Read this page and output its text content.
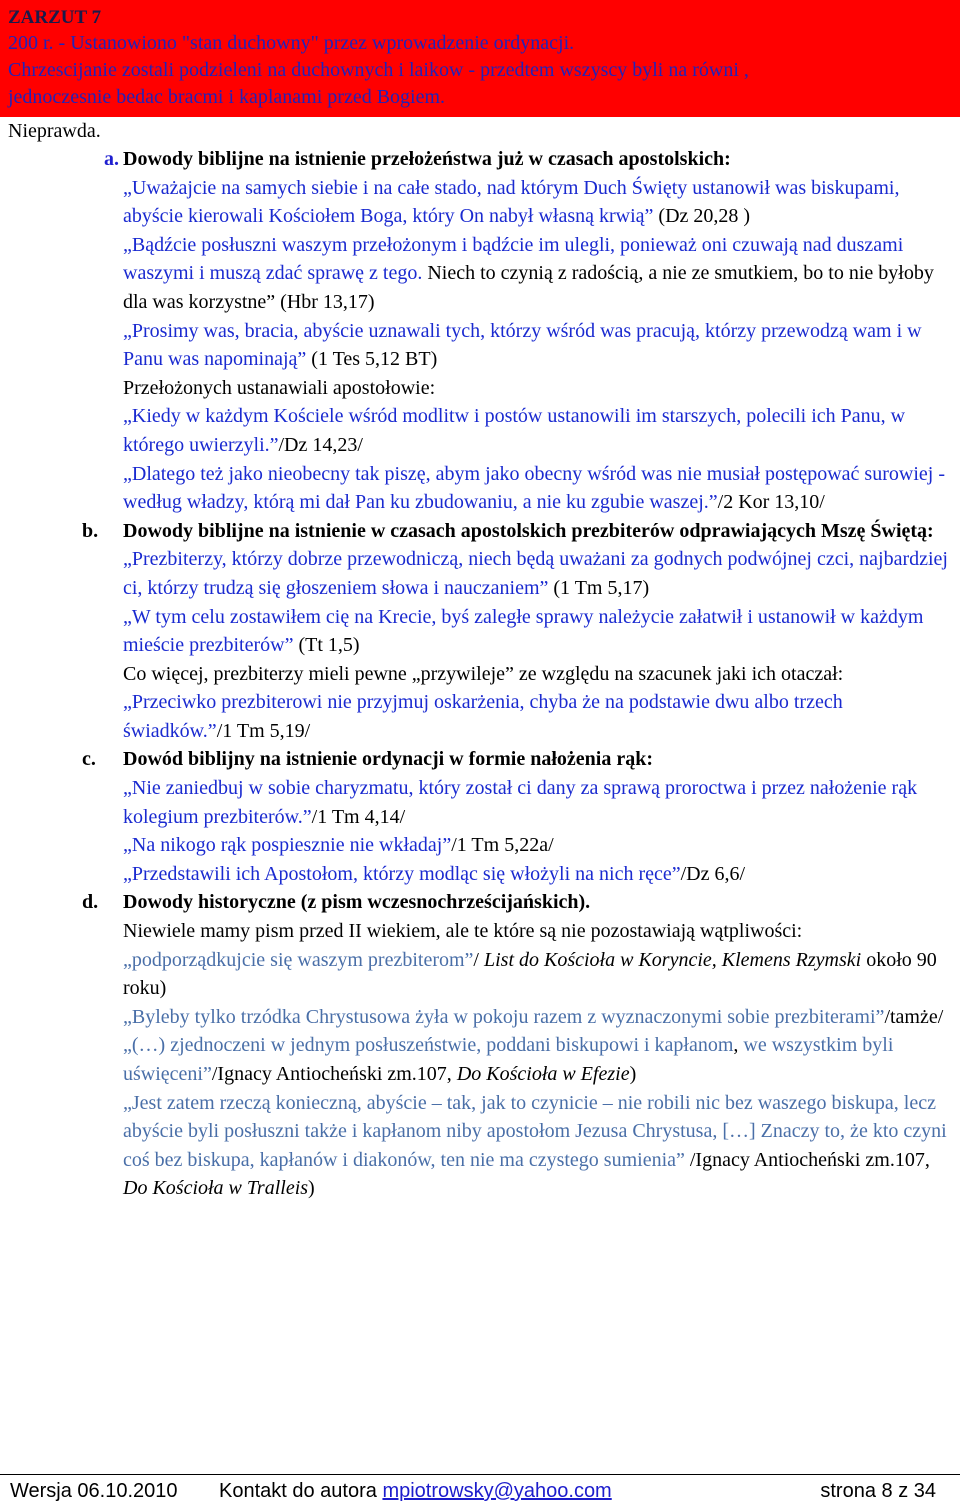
ZARZUT 7
200 r. - Ustanowiono "stan duchowny" przez wprowadzenie ordynacji.
Chrzescijanie zostali podzieleni na duchownych i laikow - przedtem wszyscy byli na równi ,
jednoczesnie bedac bracmi i kaplanami przed Bogiem.
Nieprawda.
a. Dowody biblijne na istnienie przełożeństwa już w czasach apostolskich:
„Uważajcie na samych siebie i na całe stado, nad którym Duch Święty ustanowił was biskupami, abyście kierowali Kościołem Boga, który On nabył własną krwią” (Dz 20,28 )
„Bądźcie posłuszni waszym przełożonym i bądźcie im ulegli, ponieważ oni czuwają nad duszami waszymi i muszą zdać sprawę z tego. Niech to czynią z radością, a nie ze smutkiem, bo to nie byłoby dla was korzystne” (Hbr 13,17)
„Prosimy was, bracia, abyście uznawali tych, którzy wśród was pracują, którzy przewodzą wam i w Panu was napominają” (1 Tes 5,12 BT)
Przełożonych ustanawiali apostołowie:
„Kiedy w każdym Kościele wśród modlitw i postów ustanowili im starszych, polecili ich Panu, w którego uwierzyli.”/Dz 14,23/
„Dlatego też jako nieobecny tak piszę, abym jako obecny wśród was nie musiał postępować surowiej - według władzy, którą mi dał Pan ku zbudowaniu, a nie ku zgubie waszej.”/2 Kor 13,10/
b. Dowody biblijne na istnienie w czasach apostolskich prezbiterów odprawiających Mszę Świętą:
„Prezbiterzy, którzy dobrze przewodniczą, niech będą uważani za godnych podwójnej czci, najbardziej ci, którzy trudzą się głoszeniem słowa i nauczaniem” (1 Tm 5,17)
„W tym celu zostawiłem cię na Krecie, byś zaległe sprawy należycie załatwił i ustanowił w każdym mieście prezbiterów” (Tt 1,5)
Co więcej, prezbiterzy mieli pewne „przywileje” ze względu na szacunek jaki ich otaczał:
„Przeciwko prezbiterowi nie przyjmuj oskarżenia, chyba że na podstawie dwu albo trzech świadków.”/1 Tm 5,19/
c. Dowód biblijny na istnienie ordynacji w formie nałożenia rąk:
„Nie zaniedbuj w sobie charyzmatu, który został ci dany za sprawą proroctwa i przez nałożenie rąk kolegium prezbiterów.”/1 Tm 4,14/
„Na nikogo rąk pospiesznie nie wkładaj”/1 Tm 5,22a/
„Przedstawili ich Apostołom, którzy modląc się włożyli na nich ręce”/Dz 6,6/
d. Dowody historyczne (z pism wczesnochrześcijańskich).
Niewiele mamy pism przed II wiekiem, ale te które są nie pozostawiają wątpliwości:
„podporządkujcie się waszym prezbiterom”/ List do Kościoła w Koryncie, Klemens Rzymski około 90 roku)
„Byleby tylko trzódka Chrystusowa żyła w pokoju razem z wyznaczonymi sobie prezbiterami”/tamże/
„(…) zjednoczeni w jednym posłuszeństwie, poddani biskupowi i kapłanom, we wszystkim byli uświęceni”/Ignacy Antiocheński zm.107, Do Kościoła w Efezie)
„Jest zatem rzeczą konieczną, abyście – tak, jak to czynicie – nie robili nic bez waszego biskupa, lecz abyście byli posłuszni także i kapłanom niby apostołom Jezusa Chrystusa, […] Znaczy to, że kto czyni coś bez biskupa, kapłanów i diakonów, ten nie ma czystego sumienia” /Ignacy Antiocheński zm.107, Do Kościoła w Tralleis)
Wersja 06.10.2010 Kontakt do autora mpiotrowsky@yahoo.com	strona 8 z 34
